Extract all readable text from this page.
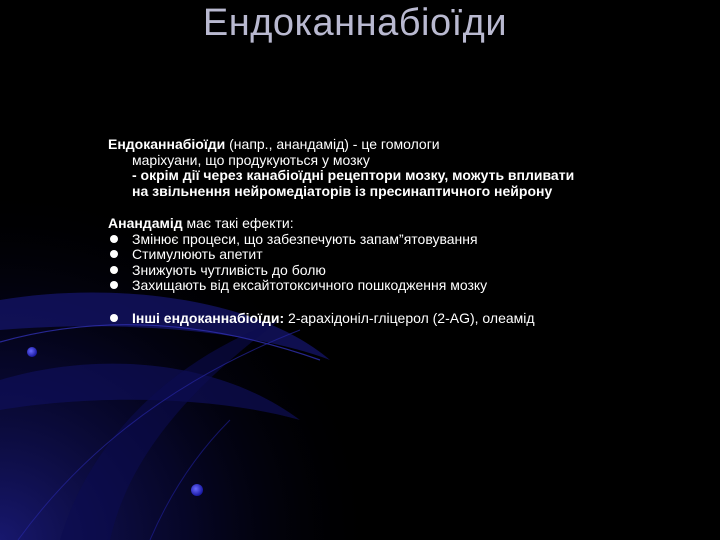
Ендоканнабіоїди
Ендоканнабіоїди (напр., анандамід) - це гомологи
маріхуани, що продукуються у мозку
- окрім дії через канабіоїдні рецептори мозку, можуть впливати на звільнення нейромедіаторів із пресинаптичного нейрону
Анандамід має такі ефекти:
Змінює процеси, що забезпечують запам”ятовування
Стимулюють апетит
Знижують чутливість до болю
Захищають від ексайтотоксичного пошкодження мозку
Інші ендоканнабіоїди: 2-арахідоніл-гліцерол (2-AG), олеамід
